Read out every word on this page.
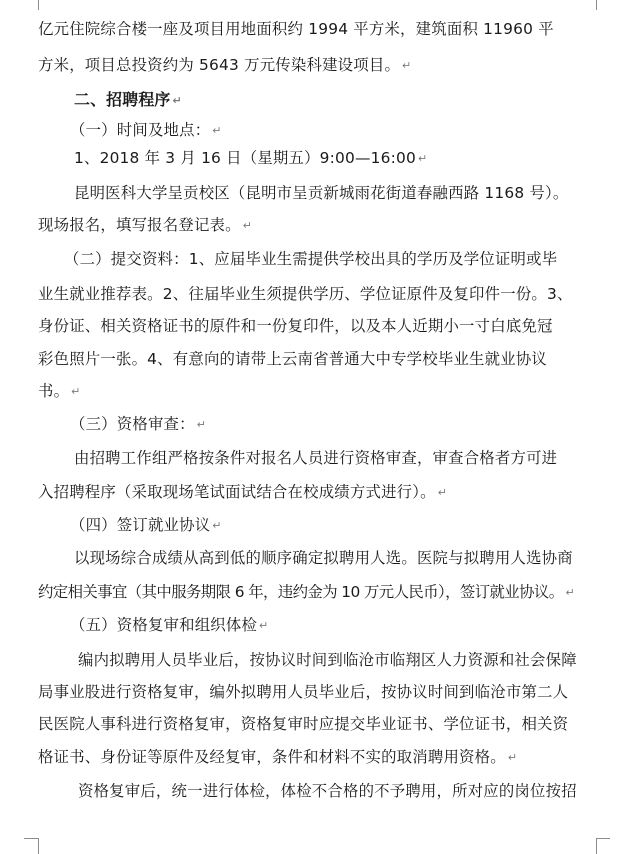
亿元住院综合楼一座及项目用地面积约 1994 平方米，建筑面积 11960 平
方米，项目总投资约为 5643 万元传染科建设项目。 ↵
二、招聘程序 ↵
（一）时间及地点： ↵
1、2018 年 3 月 16 日（星期五）9:00—16:00 ↵
昆明医科大学呈贡校区（昆明市呈贡新城雨花街道春融西路 1168 号）。
现场报名，填写报名登记表。 ↵
（二）提交资料：1、应届毕业生需提供学校出具的学历及学位证明或毕
业生就业推荐表。2、往届毕业生须提供学历、学位证原件及复印件一份。3、
身份证、相关资格证书的原件和一份复印件，以及本人近期小一寸白底免冠
彩色照片一张。4、有意向的请带上云南省普通大中专学校毕业生就业协议
书。 ↵
（三）资格审查： ↵
由招聘工作组严格按条件对报名人员进行资格审查，审查合格者方可进
入招聘程序（采取现场笔试面试结合在校成绩方式进行）。 ↵
（四）签订就业协议 ↵
以现场综合成绩从高到低的顺序确定拟聘用人选。医院与拟聘用人选协商
约定相关事宜（其中服务期限 6 年，违约金为 10 万元人民币），签订就业协议。 ↵
（五）资格复审和组织体检 ↵
编内拟聘用人员毕业后，按协议时间到临沧市临翔区人力资源和社会保障
局事业股进行资格复审，编外拟聘用人员毕业后，按协议时间到临沧市第二人
民医院人事科进行资格复审，资格复审时应提交毕业证书、学位证书，相关资
格证书、身份证等原件及经复审，条件和材料不实的取消聘用资格。 ↵
资格复审后，统一进行体检，体检不合格的不予聘用，所对应的岗位按招
